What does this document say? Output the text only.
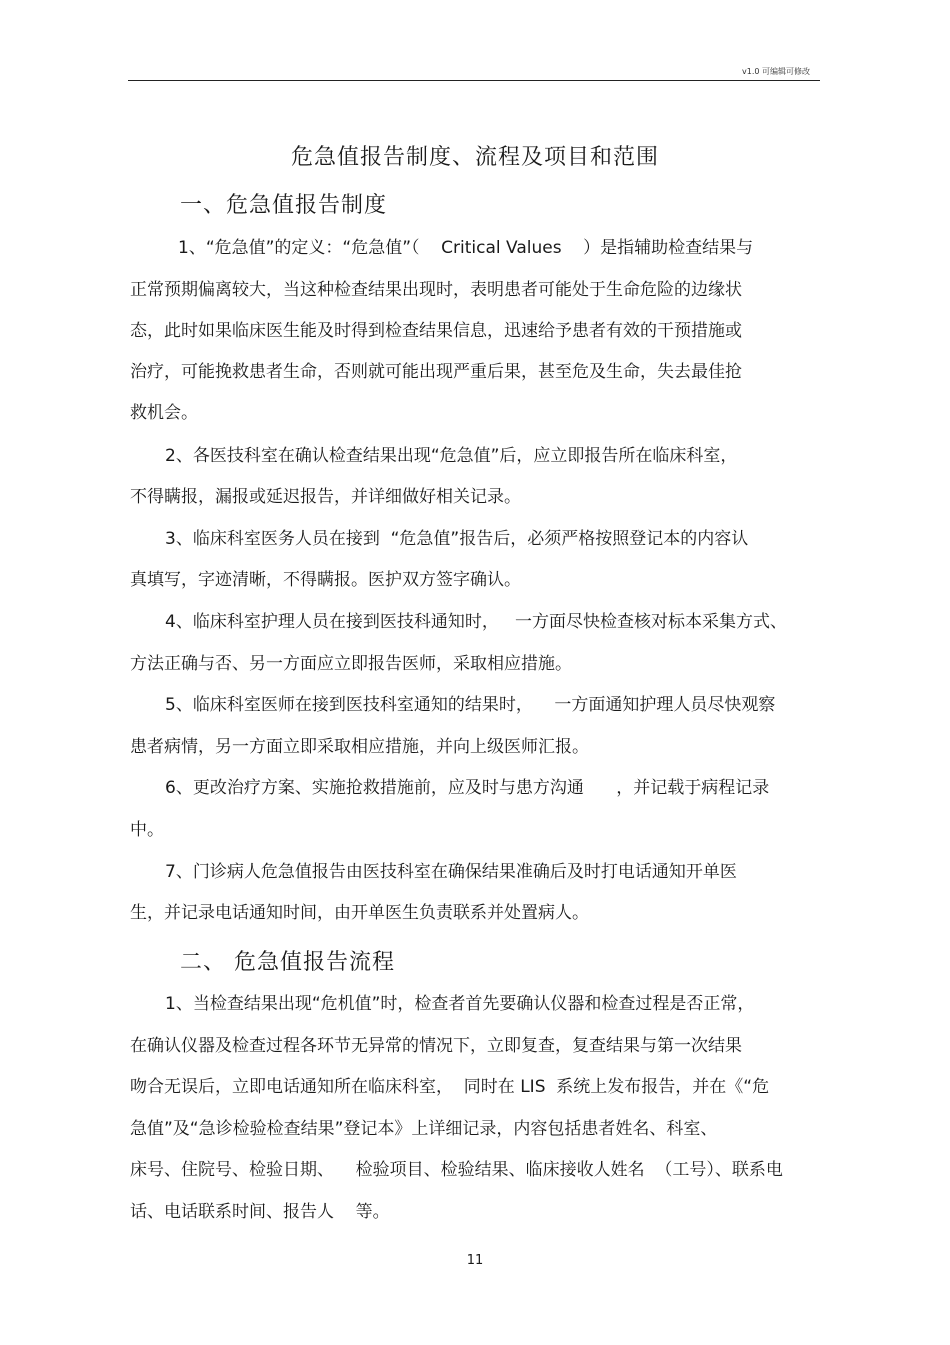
v1.0 可编辑可修改
危急值报告制度、流程及项目和范围
一、危急值报告制度
1、“危急值”的定义：“危急值”（    Critical Values    ）是指辅助检查结果与
正常预期偏离较大，当这种检查结果出现时，表明患者可能处于生命危险的边缘状
态，此时如果临床医生能及时得到检查结果信息，迅速给予患者有效的干预措施或
治疗，可能挽救患者生命，否则就可能出现严重后果，甚至危及生命，失去最佳抢
救机会。
2、各医技科室在确认检查结果出现“危急值”后，应立即报告所在临床科室，
不得瞒报，漏报或延迟报告，并详细做好相关记录。
3、临床科室医务人员在接到  “危急值”报告后，必须严格按照登记本的内容认
真填写，字迹清晰，不得瞒报。医护双方签字确认。
4、临床科室护理人员在接到医技科通知时，   一方面尽快检查核对标本采集方式、
方法正确与否、另一方面应立即报告医师，采取相应措施。
5、临床科室医师在接到医技科室通知的结果时，    一方面通知护理人员尽快观察
患者病情，另一方面立即采取相应措施，并向上级医师汇报。
6、更改治疗方案、实施抢救措施前，应及时与患方沟通      ，并记载于病程记录
中。
7、门诊病人危急值报告由医技科室在确保结果准确后及时打电话通知开单医
生，并记录电话通知时间，由开单医生负责联系并处置病人。
二、 危急值报告流程
1、当检查结果出现“危机值”时，检查者首先要确认仪器和检查过程是否正常，
在确认仪器及检查过程各环节无异常的情况下，立即复查，复查结果与第一次结果
吻合无误后，立即电话通知所在临床科室，  同时在 LIS  系统上发布报告，并在《“危
急值”及“急诊检验检查结果”登记本》上详细记录，内容包括患者姓名、科室、
床号、住院号、检验日期、    检验项目、检验结果、临床接收人姓名  （工号）、联系电
话、电话联系时间、报告人    等。
11
